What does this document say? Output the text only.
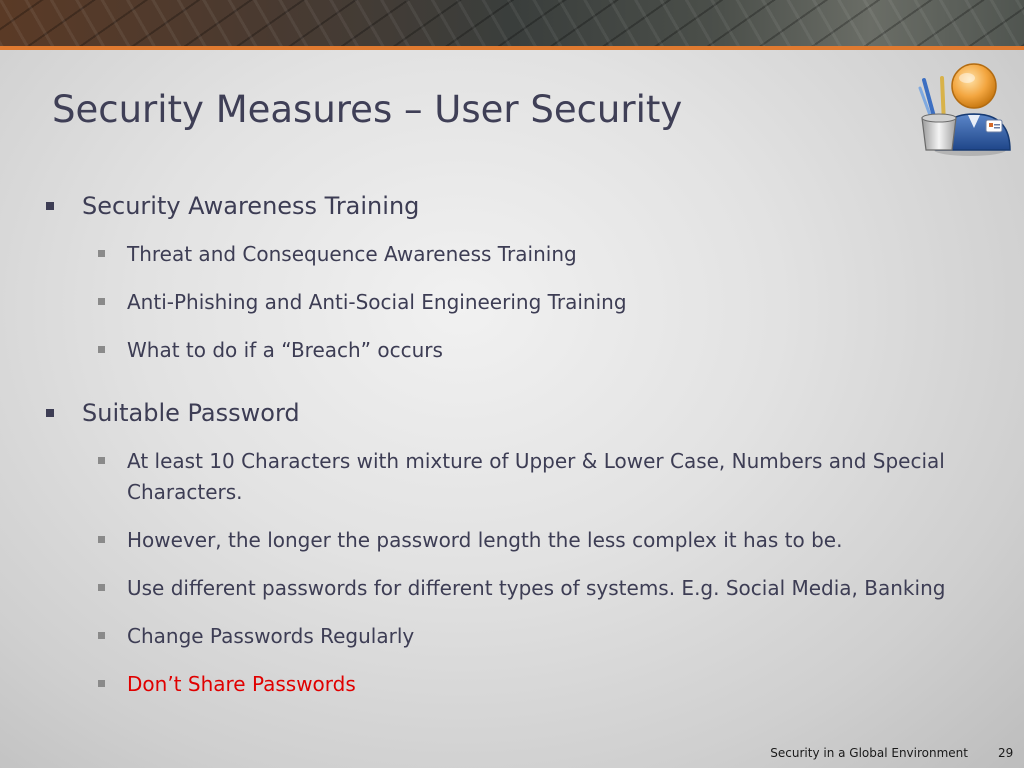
Security Measures – User Security
Security Awareness Training
Threat and Consequence Awareness Training
Anti-Phishing and Anti-Social Engineering Training
What to do if a “Breach” occurs
Suitable Password
At least 10 Characters with mixture of Upper & Lower Case, Numbers and Special Characters.
However, the longer the password length the less complex it has to be.
Use different passwords for different types of systems. E.g. Social Media, Banking
Change Passwords Regularly
Don’t Share Passwords
Security in a Global Environment	29
